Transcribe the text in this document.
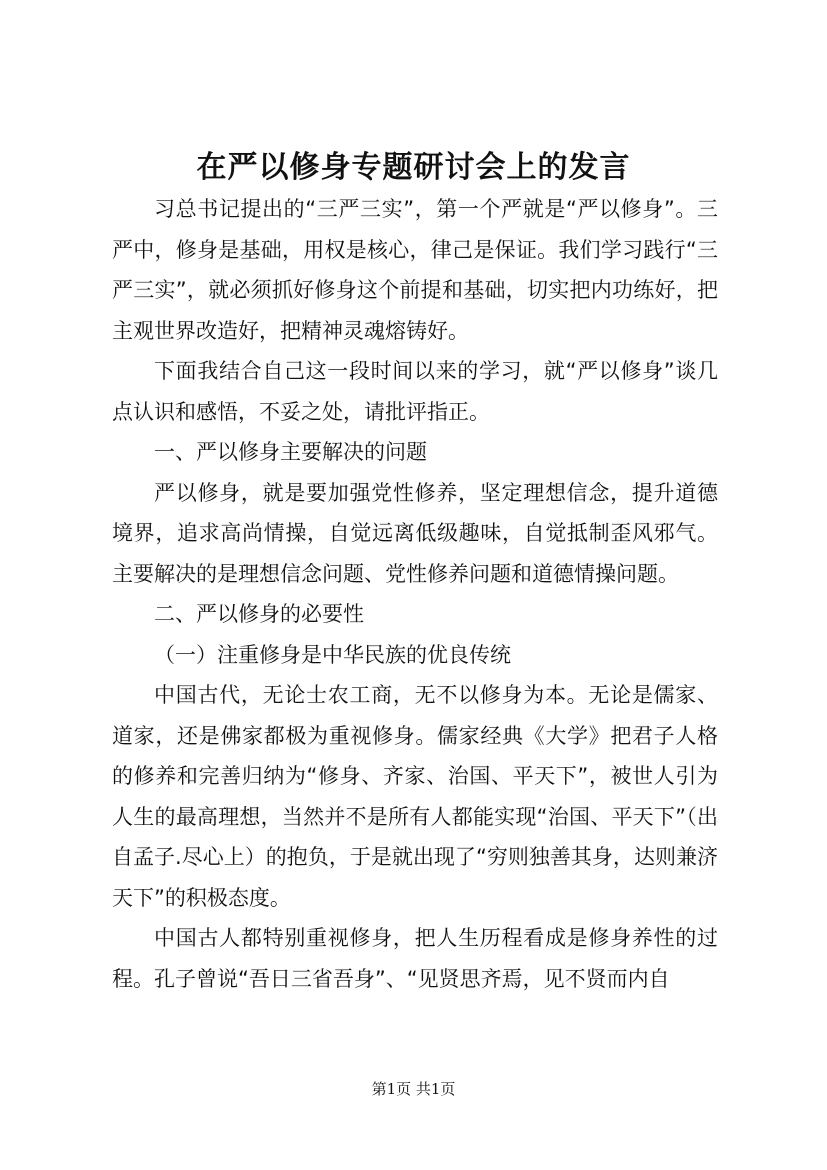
在严以修身专题研讨会上的发言

习总书记提出的“三严三实”，第一个严就是“严以修身”。三严中，修身是基础，用权是核心，律己是保证。我们学习践行“三严三实”，就必须抓好修身这个前提和基础，切实把内功练好，把主观世界改造好，把精神灵魂熔铸好。

下面我结合自己这一段时间以来的学习，就“严以修身”谈几点认识和感悟，不妥之处，请批评指正。

一、严以修身主要解决的问题

严以修身，就是要加强党性修养，坚定理想信念，提升道德境界，追求高尚情操，自觉远离低级趣味，自觉抵制歪风邪气。主要解决的是理想信念问题、党性修养问题和道德情操问题。

二、严以修身的必要性

（一）注重修身是中华民族的优良传统

中国古代，无论士农工商，无不以修身为本。无论是儒家、道家，还是佛家都极为重视修身。儒家经典《大学》把君子人格的修养和完善归纳为“修身、齐家、治国、平天下”，被世人引为人生的最高理想，当然并不是所有人都能实现“治国、平天下”（出自孟子.尽心上）的抱负，于是就出现了“穷则独善其身，达则兼济天下”的积极态度。

中国古人都特别重视修身，把人生历程看成是修身养性的过程。孔子曾说“吾日三省吾身”、“见贤思齐焉，见不贤而内自

第1页 共1页
